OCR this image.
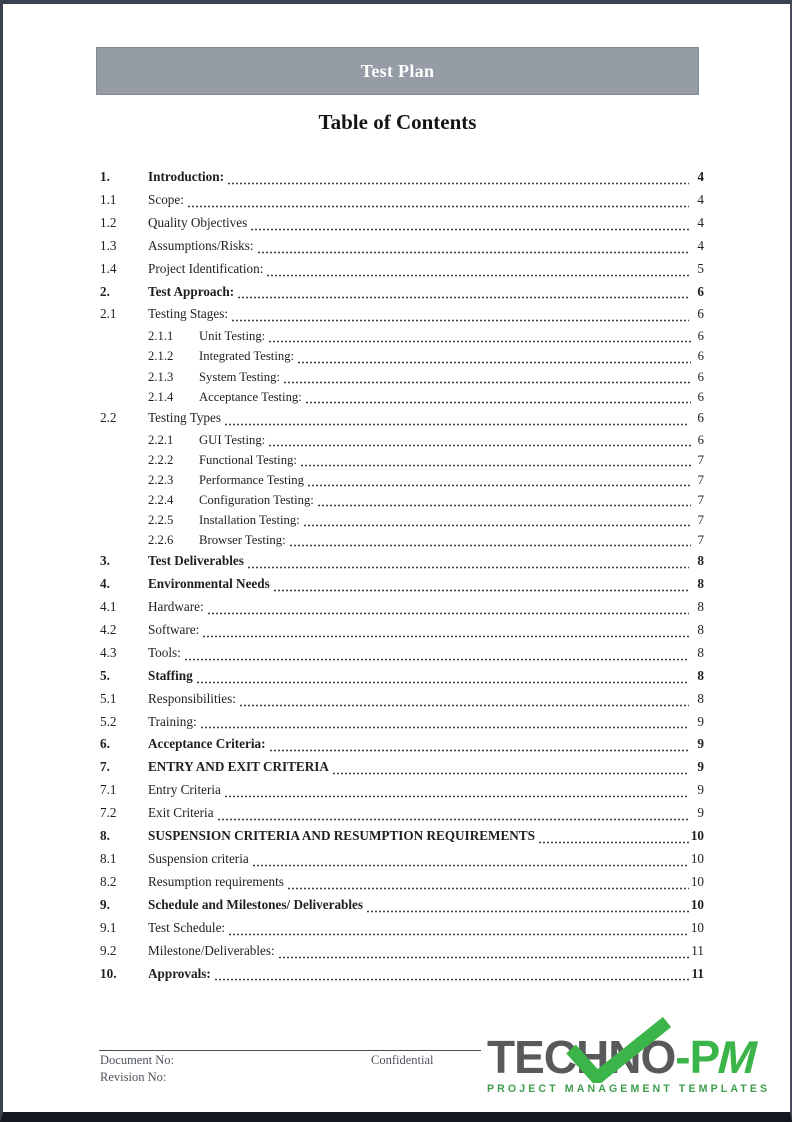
Test Plan
Table of Contents
1.	Introduction:	4
1.1	Scope:	4
1.2	Quality Objectives	4
1.3	Assumptions/Risks:	4
1.4	Project Identification:	5
2.	Test Approach:	6
2.1	Testing Stages:	6
2.1.1	Unit Testing:	6
2.1.2	Integrated Testing:	6
2.1.3	System Testing:	6
2.1.4	Acceptance Testing:	6
2.2	Testing Types	6
2.2.1	GUI Testing:	6
2.2.2	Functional Testing:	7
2.2.3	Performance Testing	7
2.2.4	Configuration Testing:	7
2.2.5	Installation Testing:	7
2.2.6	Browser Testing:	7
3.	Test Deliverables	8
4.	Environmental Needs	8
4.1	Hardware:	8
4.2	Software:	8
4.3	Tools:	8
5.	Staffing	8
5.1	Responsibilities:	8
5.2	Training:	9
6.	Acceptance Criteria:	9
7.	ENTRY AND EXIT CRITERIA	9
7.1	Entry Criteria	9
7.2	Exit Criteria	9
8.	SUSPENSION CRITERIA AND RESUMPTION REQUIREMENTS	10
8.1	Suspension criteria	10
8.2	Resumption requirements	10
9.	Schedule and Milestones/ Deliverables	10
9.1	Test Schedule:	10
9.2	Milestone/Deliverables:	11
10.	Approvals:	11
Document No:	Confidential
Revision No:	TECHNO-PM
PROJECT MANAGEMENT TEMPLATES
